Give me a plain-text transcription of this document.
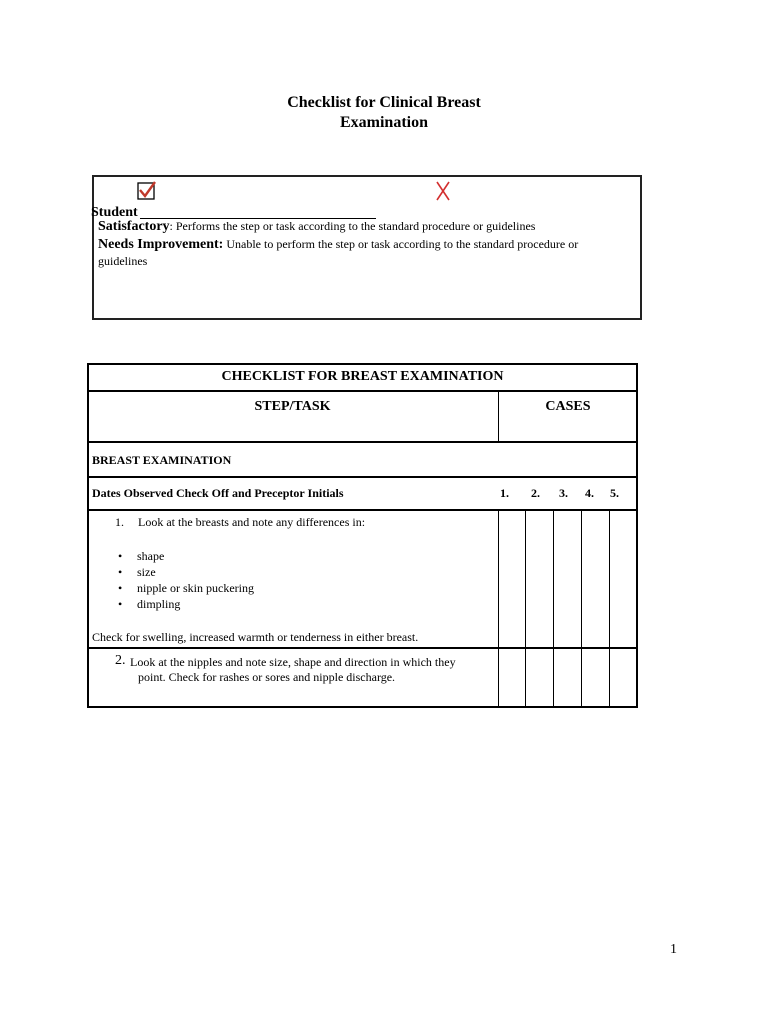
Checklist for Clinical Breast
Examination
Student
Satisfactory: Performs the step or task according to the standard procedure or guidelines
Needs Improvement: Unable to perform the step or task according to the standard procedure or guidelines
CHECKLIST FOR BREAST EXAMINATION
STEP/TASK	CASES
BREAST EXAMINATION
Dates Observed Check Off and Preceptor Initials	1. 2. 3. 4. 5.
1. Look at the breasts and note any differences in:
• shape
• size
• nipple or skin puckering
• dimpling
Check for swelling, increased warmth or tenderness in either breast.
2. Look at the nipples and note size, shape and direction in which they
point. Check for rashes or sores and nipple discharge.
1
